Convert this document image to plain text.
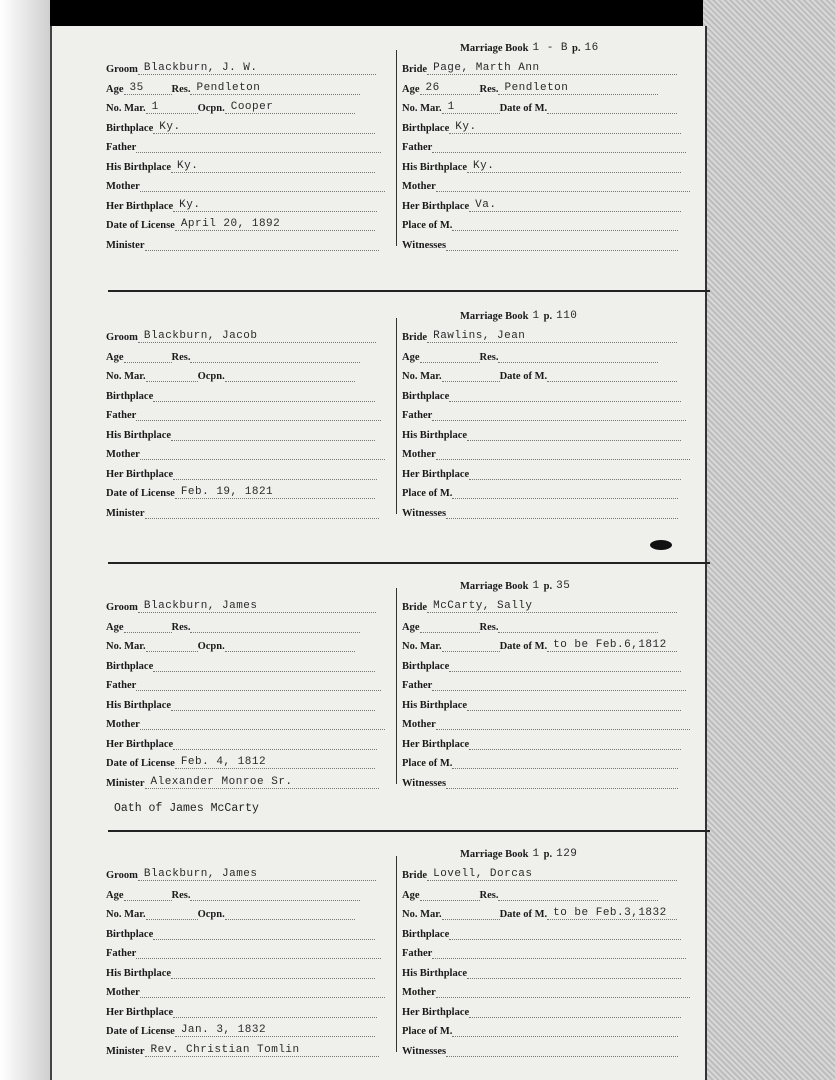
Groom Blackburn, J. W.
Age 35	Res. Pendleton
No. Mar. 1	Ocpn. Cooper
Birthplace Ky.
Father
His Birthplace Ky.
Mother
Her Birthplace Ky.
Date of License April 20, 1892
Minister
Marriage Book 1 - B p. 16
Bride Page, Marth Ann
Age 26	Res. Pendleton
No. Mar. 1	Date of M.
Birthplace Ky.
Father
His Birthplace Ky.
Mother
Her Birthplace Va.
Place of M.
Witnesses
Groom Blackburn, Jacob
Age	Res.
No. Mar.	Ocpn.
Birthplace
Father
His Birthplace
Mother
Her Birthplace
Date of License Feb. 19, 1821
Minister
Marriage Book 1 p. 110
Bride Rawlins, Jean
Age	Res.
No. Mar.	Date of M.
Birthplace
Father
His Birthplace
Mother
Her Birthplace
Place of M.
Witnesses
Groom Blackburn, James
Age	Res.
No. Mar.	Ocpn.
Birthplace
Father
His Birthplace
Mother
Her Birthplace
Date of License Feb. 4, 1812
Minister Alexander Monroe Sr.
Marriage Book 1 p. 35
Bride McCarty, Sally
Age	Res.
No. Mar.	Date of M. to be Feb.6,1812
Birthplace
Father
His Birthplace
Mother
Her Birthplace
Place of M.
Witnesses
Oath of James McCarty
Groom Blackburn, James
Age	Res.
No. Mar.	Ocpn.
Birthplace
Father
His Birthplace
Mother
Her Birthplace
Date of License Jan. 3, 1832
Minister Rev. Christian Tomlin
Marriage Book 1 p. 129
Bride Lovell, Dorcas
Age	Res.
No. Mar.	Date of M. to be Feb.3,1832
Birthplace
Father
His Birthplace
Mother
Her Birthplace
Place of M.
Witnesses
